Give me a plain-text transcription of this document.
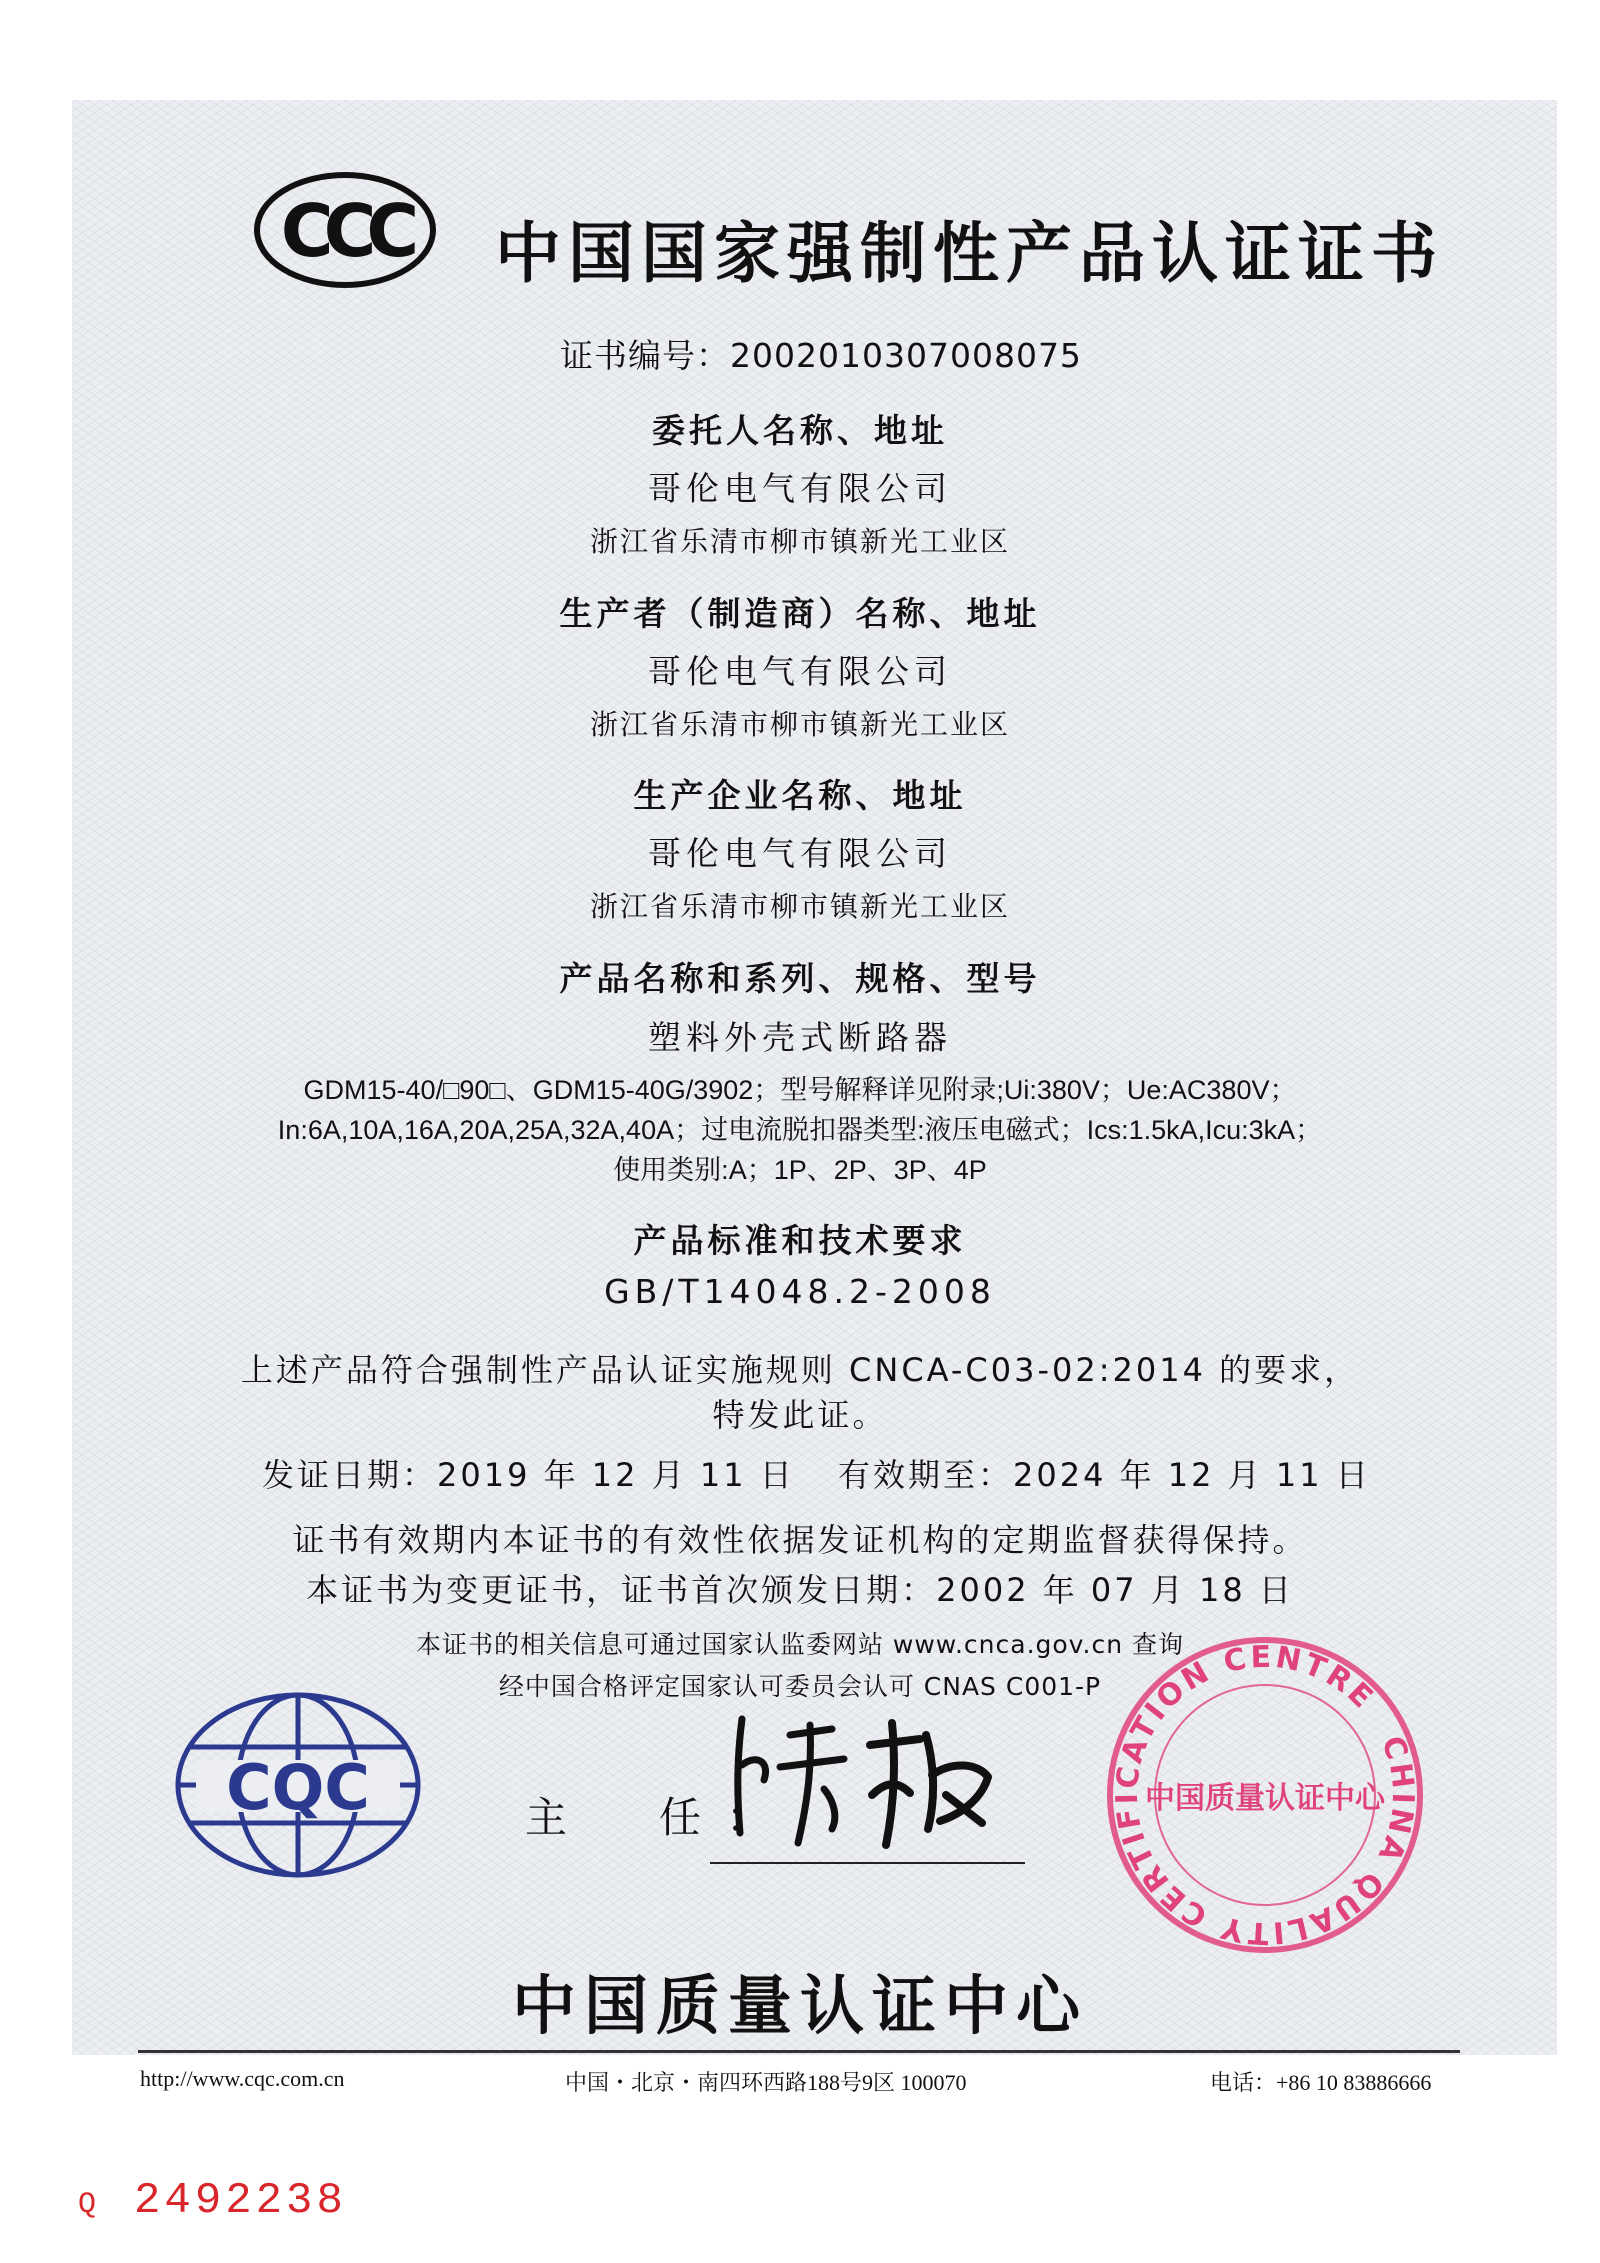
CCC 中国国家强制性产品认证证书
证书编号：2002010307008075
委托人名称、地址
哥伦电气有限公司
浙江省乐清市柳市镇新光工业区
生产者（制造商）名称、地址
哥伦电气有限公司
浙江省乐清市柳市镇新光工业区
生产企业名称、地址
哥伦电气有限公司
浙江省乐清市柳市镇新光工业区
产品名称和系列、规格、型号
塑料外壳式断路器
GDM15-40/□90□、GDM15-40G/3902；型号解释详见附录;Ui:380V；Ue:AC380V；
In:6A,10A,16A,20A,25A,32A,40A；过电流脱扣器类型:液压电磁式；Ics:1.5kA,Icu:3kA；
使用类别:A；1P、2P、3P、4P
产品标准和技术要求
GB/T14048.2-2008
上述产品符合强制性产品认证实施规则 CNCA-C03-02:2014 的要求，
特发此证。
发证日期：2019 年 12 月 11 日 有效期至：2024 年 12 月 11 日
证书有效期内本证书的有效性依据发证机构的定期监督获得保持。
本证书为变更证书，证书首次颁发日期：2002 年 07 月 18 日
本证书的相关信息可通过国家认监委网站 www.cnca.gov.cn 查询
经中国合格评定国家认可委员会认可 CNAS C001-P
CQC	主　任：
CHINA QUALITY CERTIFICATION CENTRE
中国质量认证中心
中国质量认证中心
http://www.cqc.com.cn	中国・北京・南四环西路188号9区 100070	电话：+86 10 83886666
Q 2492238
